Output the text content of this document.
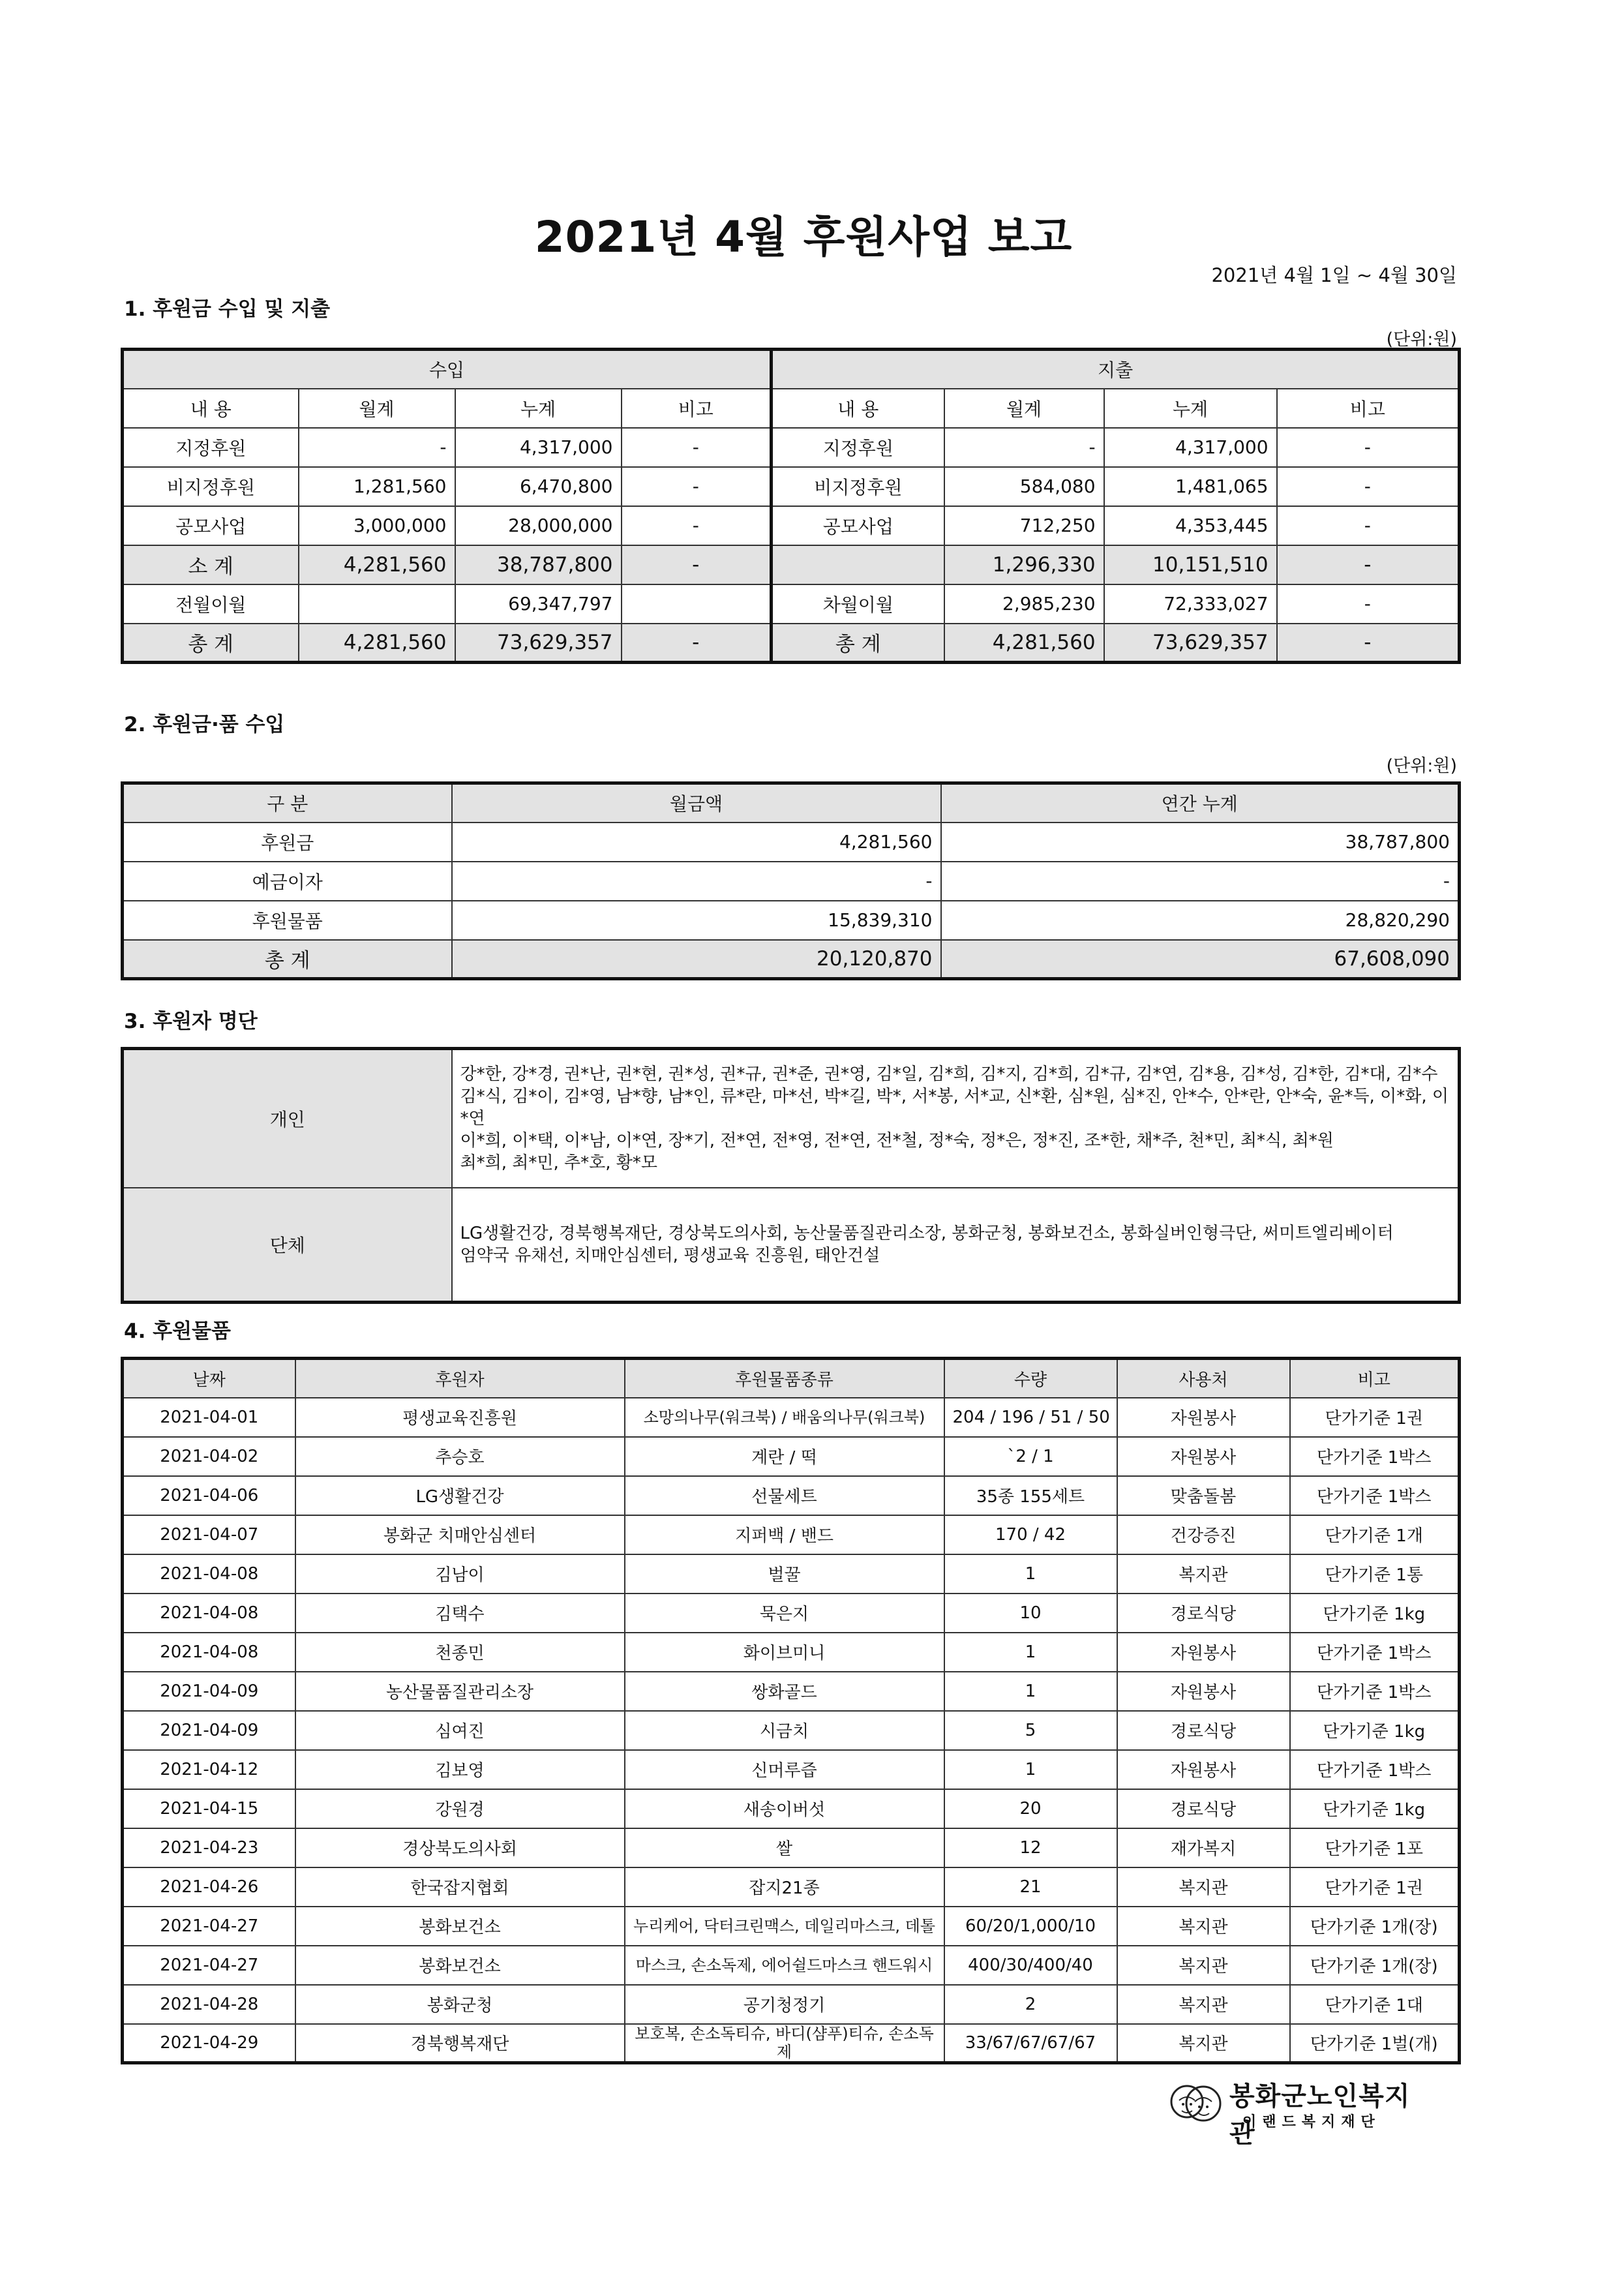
2021년 4월 후원사업 보고
2021년 4월 1일 ~ 4월 30일
1. 후원금 수입 및 지출
(단위:원)
수입				지출			
내 용	월계	누계	비고	내 용	월계	누계	비고
지정후원	-	4,317,000	-	지정후원	-	4,317,000	-
비지정후원	1,281,560	6,470,800	-	비지정후원	584,080	1,481,065	-
공모사업	3,000,000	28,000,000	-	공모사업	712,250	4,353,445	-
소 계	4,281,560	38,787,800	-		1,296,330	10,151,510	-
전월이월		69,347,797		차월이월	2,985,230	72,333,027	-
총 계	4,281,560	73,629,357	-	총 계	4,281,560	73,629,357	-
2. 후원금·품 수입
(단위:원)
구 분	월금액	연간 누계
후원금	4,281,560	38,787,800
예금이자	-	-
후원물품	15,839,310	28,820,290
총 계	20,120,870	67,608,090
3. 후원자 명단
개인	강*한, 강*경, 권*난, 권*현, 권*성, 권*규, 권*준, 권*영, 김*일, 김*희, 김*지, 김*희, 김*규, 김*연, 김*용, 김*성, 김*한, 김*대, 김*수
김*식, 김*이, 김*영, 남*향, 남*인, 류*란, 마*선, 박*길, 박*, 서*봉, 서*교, 신*환, 심*원, 심*진, 안*수, 안*란, 안*숙, 윤*득, 이*화, 이*연
이*희, 이*택, 이*남, 이*연, 장*기, 전*연, 전*영, 전*연, 전*철, 정*숙, 정*은, 정*진, 조*한, 채*주, 천*민, 최*식, 최*원
최*희, 최*민, 추*호, 황*모

단체	LG생활건강, 경북행복재단, 경상북도의사회, 농산물품질관리소장, 봉화군청, 봉화보건소, 봉화실버인형극단, 써미트엘리베이터
엄약국 유채선, 치매안심센터, 평생교육 진흥원, 태안건설
4. 후원물품
날짜	후원자	후원물품종류	수량	사용처	비고
2021-04-01	평생교육진흥원	소망의나무(워크북) / 배움의나무(워크북)	204 / 196 / 51 / 50	자원봉사	단가기준 1권
2021-04-02	추승호	계란 / 떡	`2 / 1	자원봉사	단가기준 1박스
2021-04-06	LG생활건강	선물세트	35종 155세트	맞춤돌봄	단가기준 1박스
2021-04-07	봉화군 치매안심센터	지퍼백 / 밴드	170 / 42	건강증진	단가기준 1개
2021-04-08	김남이	벌꿀	1	복지관	단가기준 1통
2021-04-08	김택수	묵은지	10	경로식당	단가기준 1kg
2021-04-08	천종민	화이브미니	1	자원봉사	단가기준 1박스
2021-04-09	농산물품질관리소장	쌍화골드	1	자원봉사	단가기준 1박스
2021-04-09	심여진	시금치	5	경로식당	단가기준 1kg
2021-04-12	김보영	신머루즙	1	자원봉사	단가기준 1박스
2021-04-15	강원경	새송이버섯	20	경로식당	단가기준 1kg
2021-04-23	경상북도의사회	쌀	12	재가복지	단가기준 1포
2021-04-26	한국잡지협회	잡지21종	21	복지관	단가기준 1권
2021-04-27	봉화보건소	누리케어, 닥터크린맥스, 데일리마스크, 데톨	60/20/1,000/10	복지관	단가기준 1개(장)
2021-04-27	봉화보건소	마스크, 손소독제, 에어쉴드마스크 핸드워시	400/30/400/40	복지관	단가기준 1개(장)
2021-04-28	봉화군청	공기청정기	2	복지관	단가기준 1대
2021-04-29	경북행복재단	보호복, 손소독티슈, 바디(샴푸)티슈, 손소독제	33/67/67/67/67	복지관	단가기준 1벌(개)
봉화군노인복지관
이랜드복지재단
